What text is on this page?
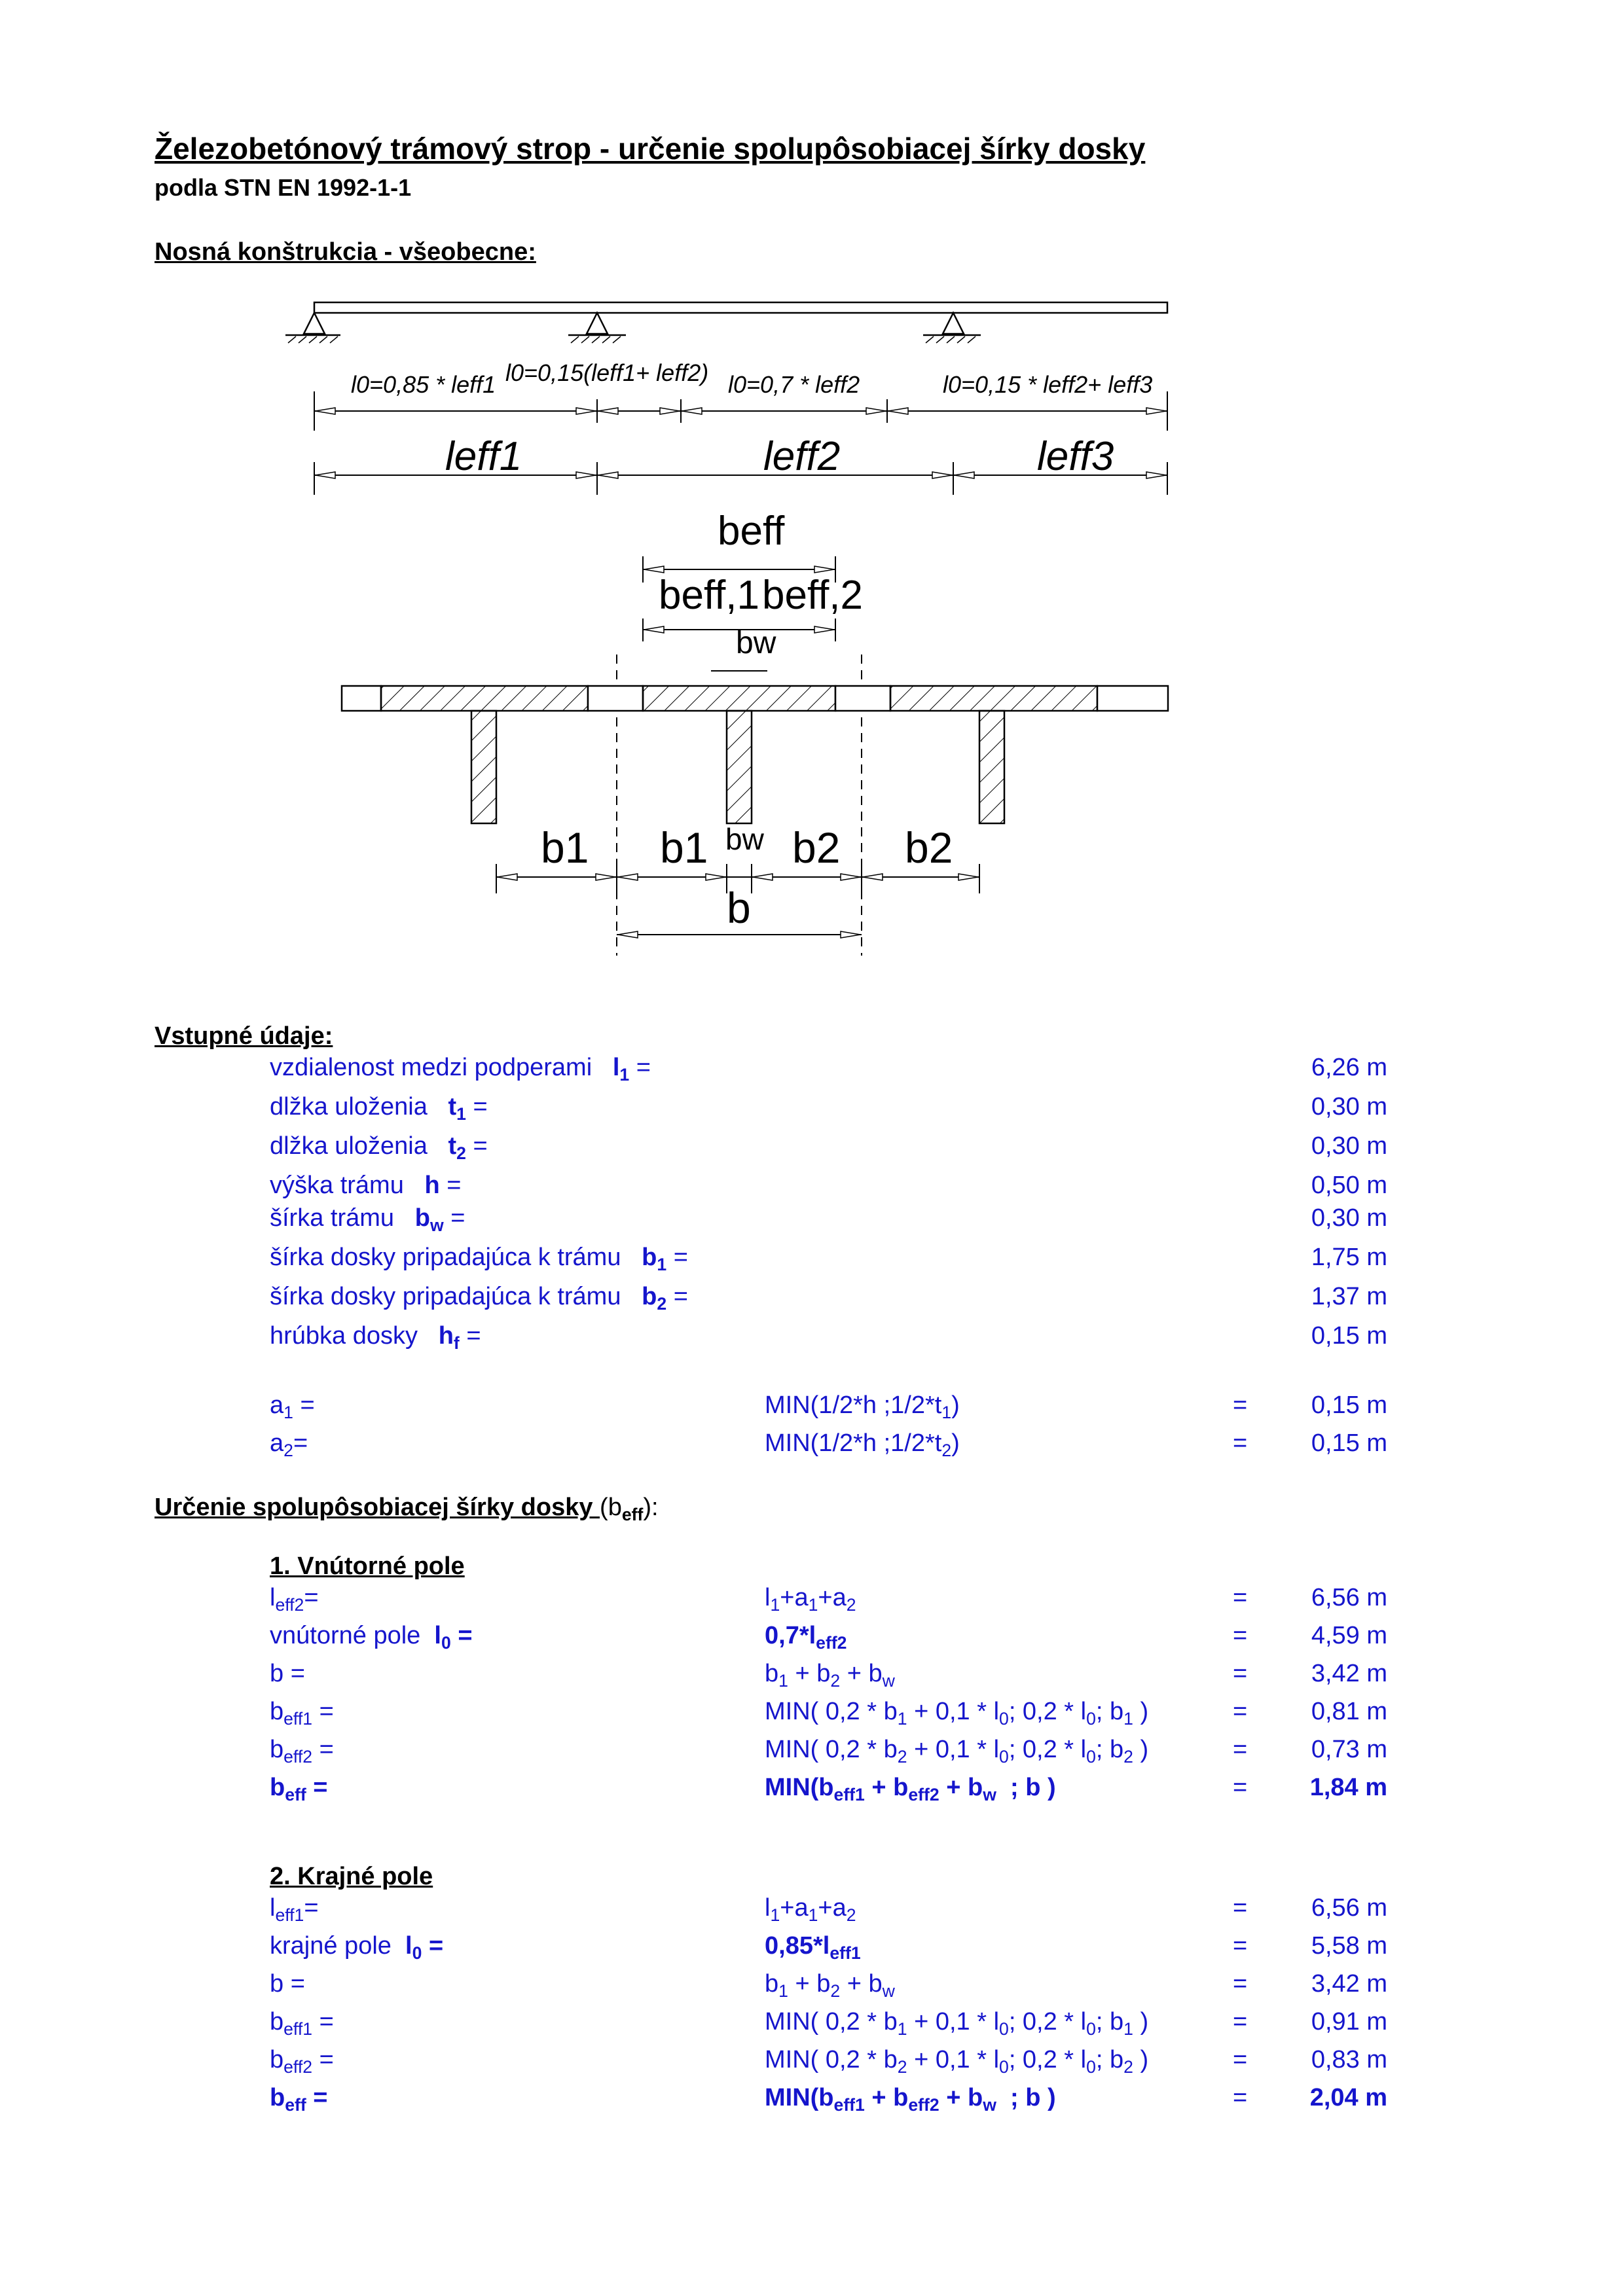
Železobetónový trámový strop - určenie spolupôsobiacej šírky dosky
podla STN EN 1992-1-1
Nosná konštrukcia - všeobecne:
l0=0,85 * leff1 l0=0,15(leff1+ leff2) l0=0,7 * leff2	l0=0,15 * leff2+ leff3
leff1	leff2	leff3
beff
beff,1 beff,2
bw
b1 b1 b2 b2
b
bw
Vstupné údaje:
vzdialenost medzi podperami $l_1$ =	6,26 m
dlžka uloženia $t_1$ =	0,30 m
dlžka uloženia $t_2$ =	0,30 m
výška trámu h =	0,50 m
šírka trámu $b_w$ =	0,30 m
šírka dosky pripadajúca k trámu $b_1$ =	1,75 m
šírka dosky pripadajúca k trámu $b_2$ =	1,37 m
hrúbka dosky $h_f$ =	0,15 m
$a_1$ =	MIN(1/2*h $;1/2*t_1$)	=	0,15 m
$a_2=$	MIN(1/2*h $;1/2*t_2$)	=	0,15 m
Určenie spolupôsobiacej šírky dosky $(b_{eff})$:
1. Vnútorné pole
$l_{eff2}=$	$l_1+a_1+a_2$	=	6,56 m
vnútorné pole $l_0$ =	$0,7*l_{eff2}$	=	4,59 m
b =	$b_1 + b_2 + b_w$	=	3,42 m
$b_{eff1}$ =	MIN( $0,2 * b_1 + 0,1 * l_0$; $0,2 * l_0$; $b_1$ )	=	0,81 m
$b_{eff2}$ =	MIN( $0,2 * b_2 + 0,1 * l_0$; $0,2 * l_0$; $b_2$ )	=	0,73 m
$b_{eff}$ =	$MIN(b_{eff1} + b_{eff2} + b_w$  ; b )	=	1,84 m
2. Krajné pole
$l_{eff1}=$	$l_1+a_1+a_2$	=	6,56 m
krajné pole $l_0$ =	$0,85*l_{eff1}$	=	5,58 m
b =	$b_1 + b_2 + b_w$	=	3,42 m
$b_{eff1}$ =	MIN( $0,2 * b_1 + 0,1 * l_0$; $0,2 * l_0$; $b_1$ )	=	0,91 m
$b_{eff2}$ =	MIN( $0,2 * b_2 + 0,1 * l_0$; $0,2 * l_0$; $b_2$ )	=	0,83 m
$b_{eff}$ =	$MIN(b_{eff1} + b_{eff2} + b_w$  ; b )	=	2,04 m
